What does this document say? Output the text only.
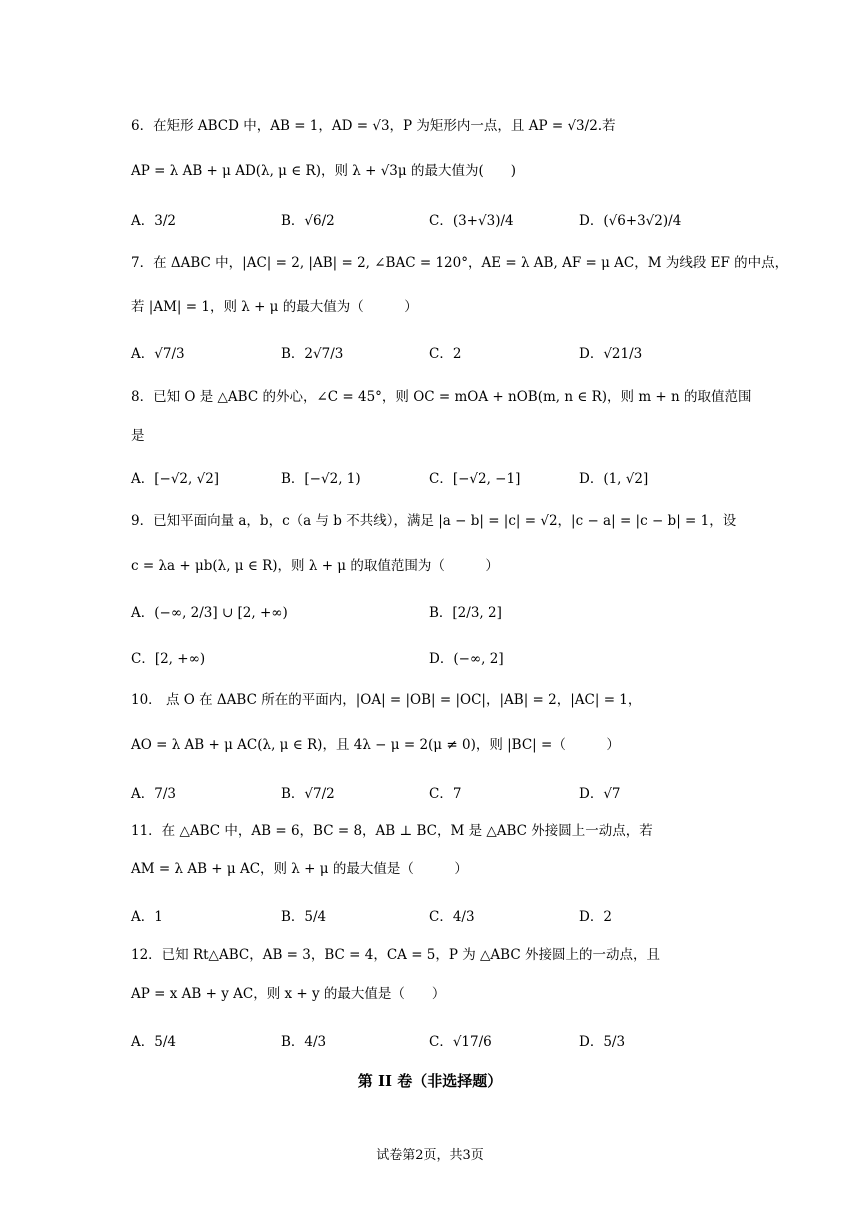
6．在矩形 ABCD 中，AB = 1，AD = √3，P 为矩形内一点，且 AP = √3/2.若
AP = λ AB + μ AD(λ, μ ∈ R)，则 λ + √3μ 的最大值为(　　)
A．3/2	B．√6/2	C．(3+√3)/4	D．(√6+3√2)/4
7．在 ΔABC 中，|AC| = 2, |AB| = 2, ∠BAC = 120°，AE = λ AB, AF = μ AC，M 为线段 EF 的中点，
若 |AM| = 1，则 λ + μ 的最大值为（　　　）
A．√7/3	B．2√7/3	C．2	D．√21/3
8．已知 O 是 △ABC 的外心，∠C = 45°，则 OC = mOA + nOB(m, n ∈ R)，则 m + n 的取值范围
是
A．[−√2, √2]	B．[−√2, 1)	C．[−√2, −1]	D．(1, √2]
9．已知平面向量 a，b，c（a 与 b 不共线），满足 |a − b| = |c| = √2，|c − a| = |c − b| = 1，设
c = λa + μb(λ, μ ∈ R)，则 λ + μ 的取值范围为（　　　）
A．(−∞, 2/3] ∪ [2, +∞)	B．[2/3, 2]
C．[2, +∞)	D．(−∞, 2]
10． 点 O 在 ΔABC 所在的平面内，|OA| = |OB| = |OC|，|AB| = 2，|AC| = 1，
AO = λ AB + μ AC(λ, μ ∈ R)，且 4λ − μ = 2(μ ≠ 0)，则 |BC| =（　　　）
A．7/3	B．√7/2	C．7	D．√7
11．在 △ABC 中，AB = 6，BC = 8，AB ⊥ BC，M 是 △ABC 外接圆上一动点，若
AM = λ AB + μ AC，则 λ + μ 的最大值是（　　　）
A．1	B．5/4	C．4/3	D．2
12．已知 Rt△ABC，AB = 3，BC = 4，CA = 5，P 为 △ABC 外接圆上的一动点，且
AP = x AB + y AC，则 x + y 的最大值是（　　）
A．5/4	B．4/3	C．√17/6	D．5/3
第 II 卷（非选择题）
试卷第2页，共3页
